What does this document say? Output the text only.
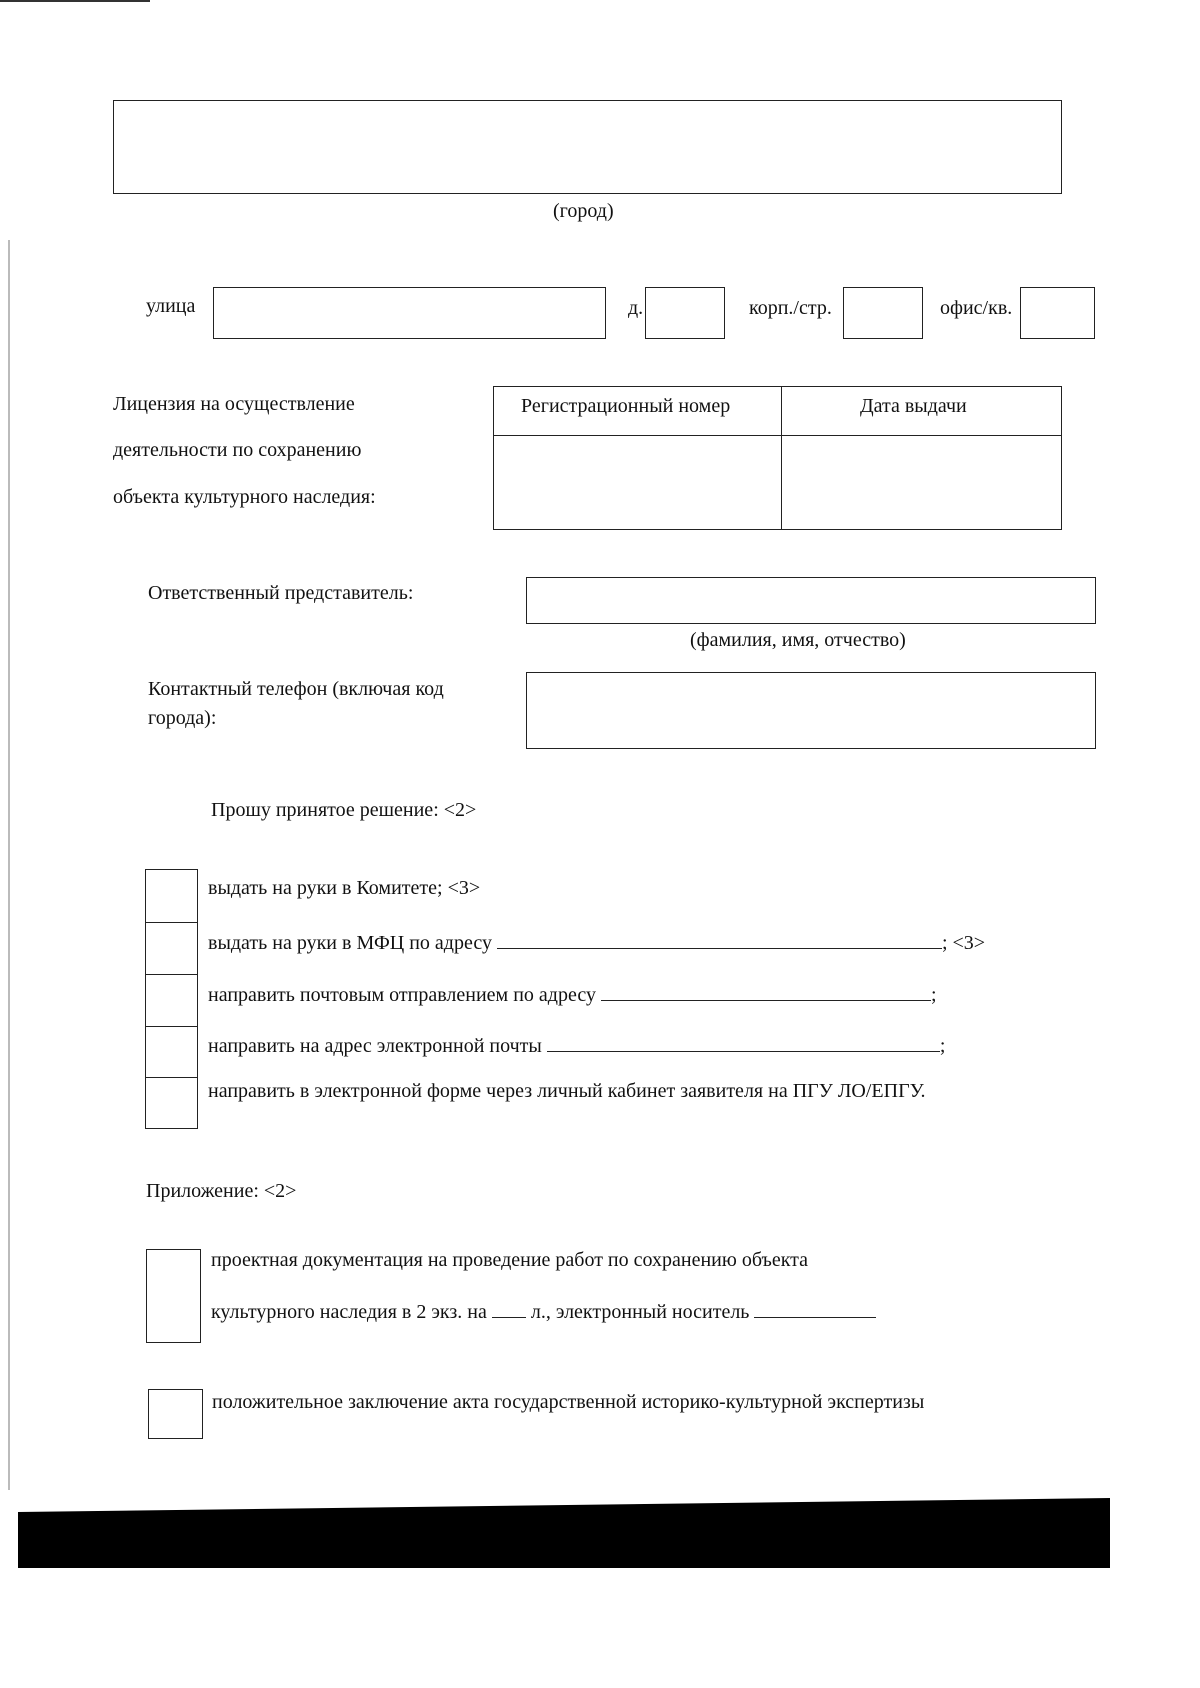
(город)
улица	д.	корп./стр.	офис/кв.
Лицензия на осуществление
деятельности по сохранению
объекта культурного наследия:
Регистрационный номер	Дата выдачи
Ответственный представитель:
(фамилия, имя, отчество)
Контактный телефон (включая код
города):
Прошу принятое решение: <2>
выдать на руки в Комитете; <3>
выдать на руки в МФЦ по адресу	; <3>
направить почтовым отправлением по адресу	;
направить на адрес электронной почты	;
направить в электронной форме через личный кабинет заявителя на ПГУ ЛО/ЕПГУ.
Приложение: <2>
проектная документация на проведение работ по сохранению объекта
культурного наследия в 2 экз. на л., электронный носитель
положительное заключение акта государственной историко-культурной экспертизы
